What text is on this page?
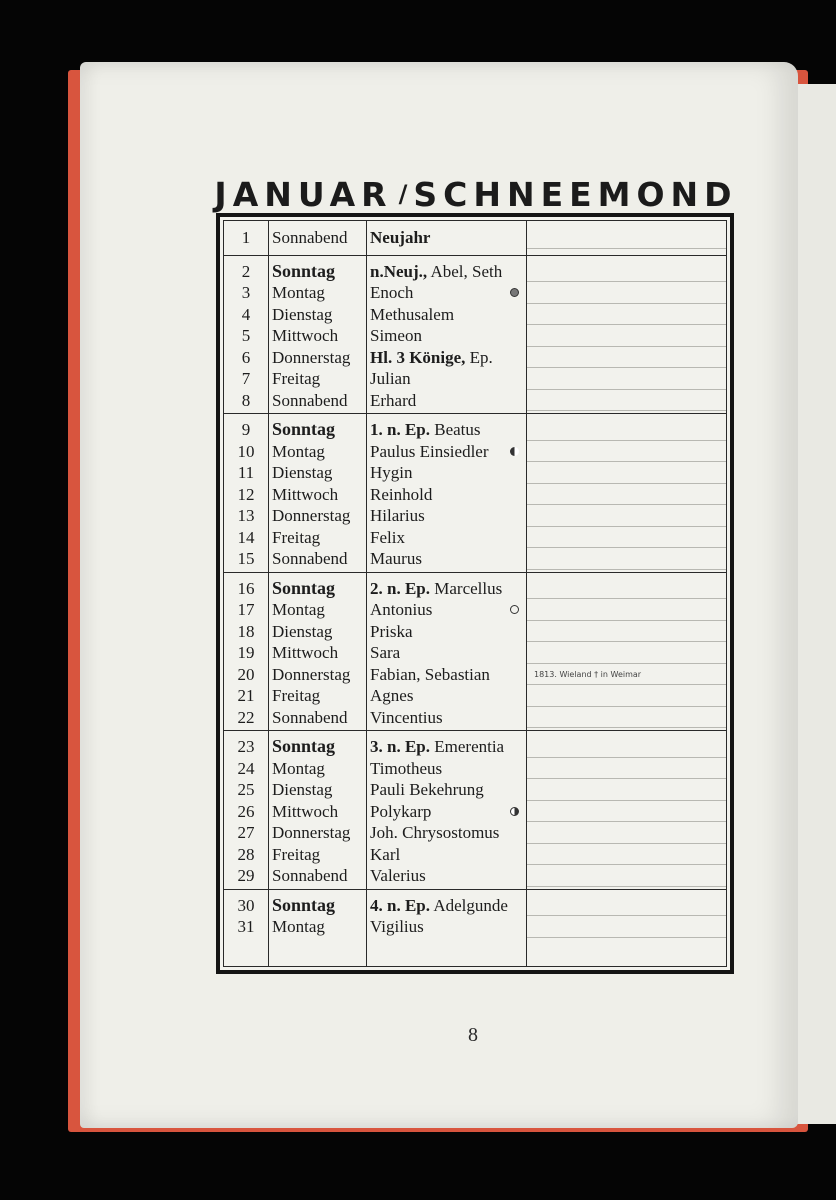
JANUAR / SCHNEEMOND
1	Sonnabend	Neujahr
2	Sonntag	n.Neuj., Abel, Seth
3	Montag	Enoch
4	Dienstag	Methusalem
5	Mittwoch	Simeon
6	Donnerstag	Hl. 3 Könige, Ep.
7	Freitag	Julian
8	Sonnabend	Erhard
9	Sonntag	1. n. Ep. Beatus
10	Montag	Paulus Einsiedler
11	Dienstag	Hygin
12	Mittwoch	Reinhold
13	Donnerstag	Hilarius
14	Freitag	Felix
15	Sonnabend	Maurus
16 Sonntag	2. n. Ep. Marcellus
17	Montag	Antonius
18	Dienstag	Priska
19	Mittwoch	Sara
20	Donnerstag	Fabian, Sebastian	1813. Wieland † in Weimar
21	Freitag	Agnes
22	Sonnabend	Vincentius
23 Sonntag	3. n. Ep. Emerentia
24	Montag	Timotheus
25	Dienstag	Pauli Bekehrung
26	Mittwoch	Polykarp
27	Donnerstag	Joh. Chrysostomus
28	Freitag	Karl
29	Sonnabend	Valerius
30 Sonntag	4. n. Ep. Adelgunde
31	Montag	Vigilius
8
